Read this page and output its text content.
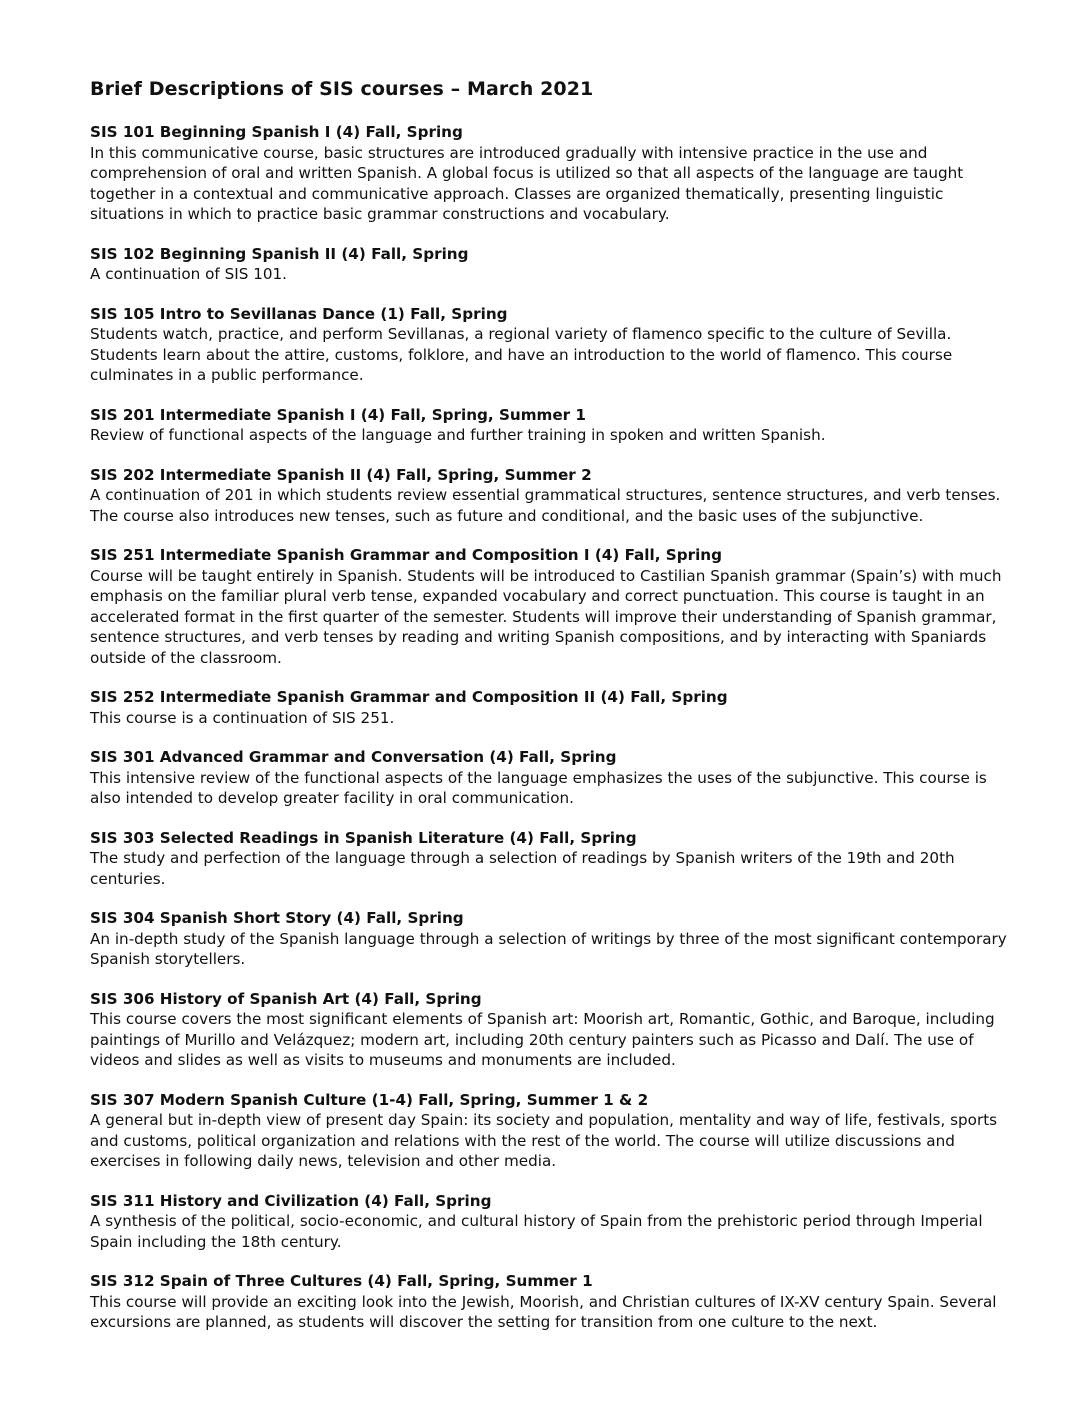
Brief Descriptions of SIS courses – March 2021

SIS 101 Beginning Spanish I (4) Fall, Spring

In this communicative course, basic structures are introduced gradually with intensive practice in the use and comprehension of oral and written Spanish. A global focus is utilized so that all aspects of the language are taught together in a contextual and communicative approach. Classes are organized thematically, presenting linguistic situations in which to practice basic grammar constructions and vocabulary.

SIS 102 Beginning Spanish II (4) Fall, Spring

A continuation of SIS 101.

SIS 105 Intro to Sevillanas Dance (1) Fall, Spring

Students watch, practice, and perform Sevillanas, a regional variety of flamenco specific to the culture of Sevilla. Students learn about the attire, customs, folklore, and have an introduction to the world of flamenco. This course culminates in a public performance.

SIS 201 Intermediate Spanish I (4) Fall, Spring, Summer 1

Review of functional aspects of the language and further training in spoken and written Spanish.

SIS 202 Intermediate Spanish II (4) Fall, Spring, Summer 2

A continuation of 201 in which students review essential grammatical structures, sentence structures, and verb tenses. The course also introduces new tenses, such as future and conditional, and the basic uses of the subjunctive.

SIS 251 Intermediate Spanish Grammar and Composition I (4) Fall, Spring

Course will be taught entirely in Spanish. Students will be introduced to Castilian Spanish grammar (Spain’s) with much emphasis on the familiar plural verb tense, expanded vocabulary and correct punctuation. This course is taught in an accelerated format in the first quarter of the semester. Students will improve their understanding of Spanish grammar, sentence structures, and verb tenses by reading and writing Spanish compositions, and by interacting with Spaniards outside of the classroom.

SIS 252 Intermediate Spanish Grammar and Composition II (4) Fall, Spring

This course is a continuation of SIS 251.

SIS 301 Advanced Grammar and Conversation (4) Fall, Spring

This intensive review of the functional aspects of the language emphasizes the uses of the subjunctive. This course is also intended to develop greater facility in oral communication.

SIS 303 Selected Readings in Spanish Literature (4) Fall, Spring

The study and perfection of the language through a selection of readings by Spanish writers of the 19th and 20th centuries.

SIS 304 Spanish Short Story (4) Fall, Spring

An in-depth study of the Spanish language through a selection of writings by three of the most significant contemporary Spanish storytellers.

SIS 306 History of Spanish Art (4) Fall, Spring

This course covers the most significant elements of Spanish art: Moorish art, Romantic, Gothic, and Baroque, including paintings of Murillo and Velázquez; modern art, including 20th century painters such as Picasso and Dalí. The use of videos and slides as well as visits to museums and monuments are included.

SIS 307 Modern Spanish Culture (1-4) Fall, Spring, Summer 1 & 2

A general but in-depth view of present day Spain: its society and population, mentality and way of life, festivals, sports and customs, political organization and relations with the rest of the world. The course will utilize discussions and exercises in following daily news, television and other media.

SIS 311 History and Civilization (4) Fall, Spring

A synthesis of the political, socio-economic, and cultural history of Spain from the prehistoric period through Imperial Spain including the 18th century.

SIS 312 Spain of Three Cultures (4) Fall, Spring, Summer 1

This course will provide an exciting look into the Jewish, Moorish, and Christian cultures of IX-XV century Spain. Several excursions are planned, as students will discover the setting for transition from one culture to the next.
